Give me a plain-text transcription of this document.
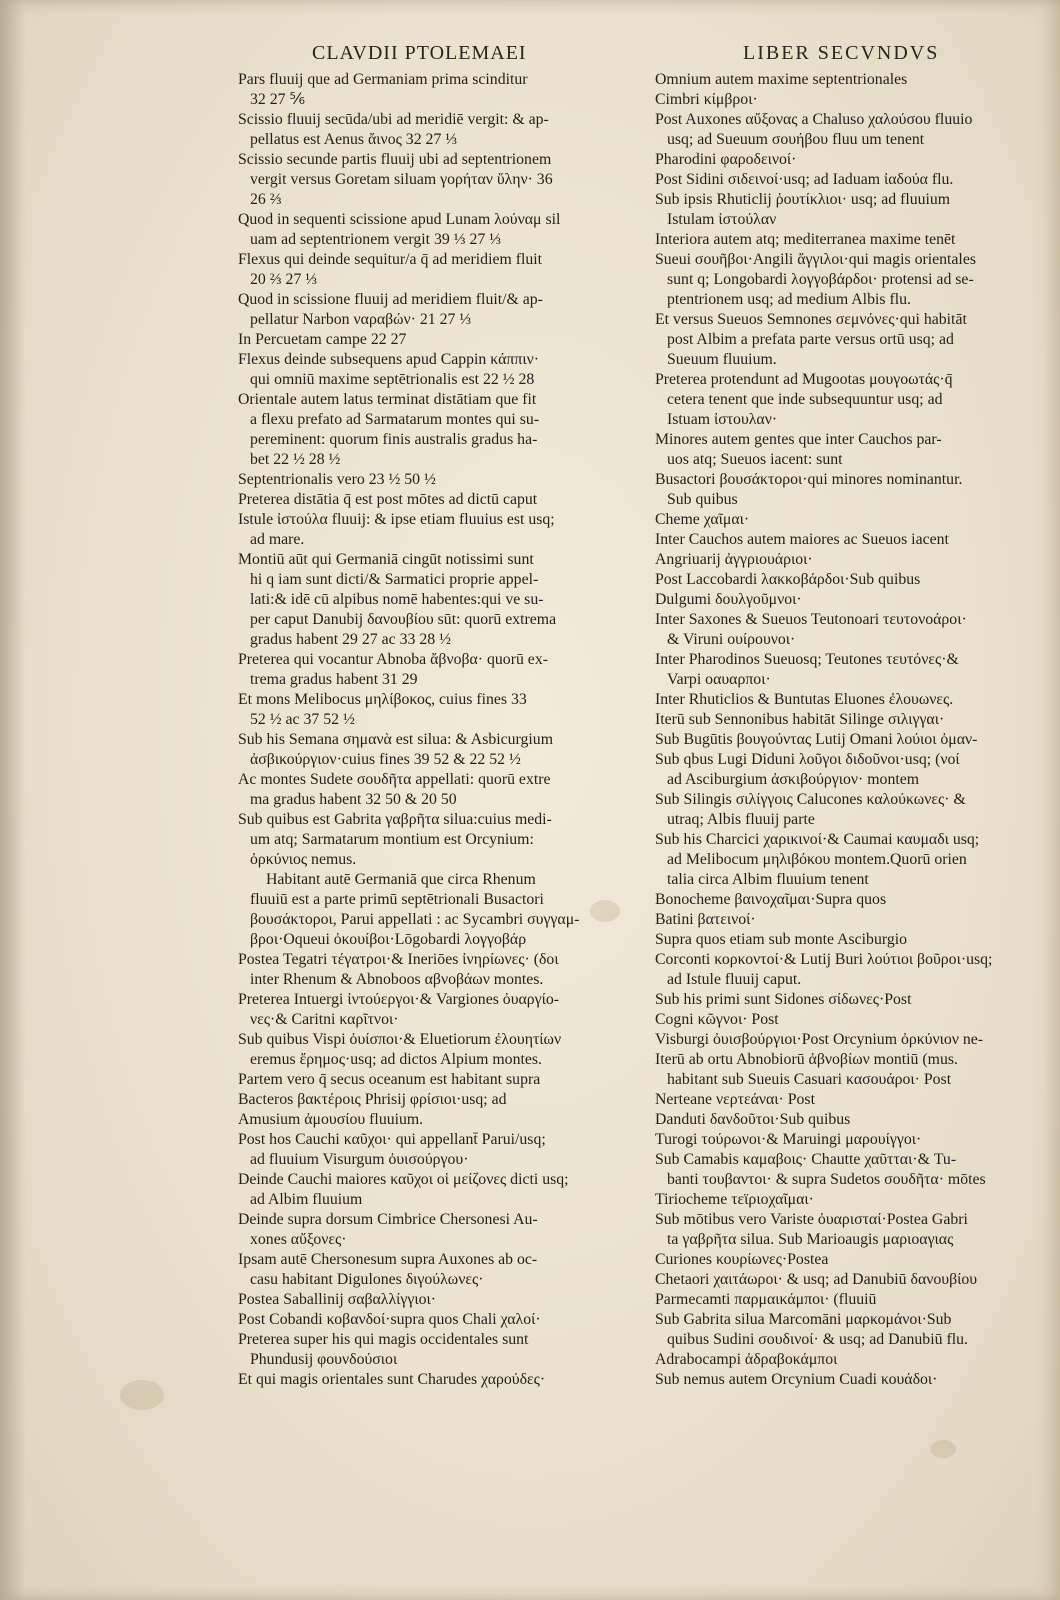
CLAVDII PTOLEMAEI	LIBER SECVNDVS
Pars fluuij que ad Germaniam prima scinditur
32 27 ⅚
Scissio fluuij secūda/ubi ad meridiē vergit: & ap-
pellatus est Aenus ἄινος 32 27 ⅓
Scissio secunde partis fluuij ubi ad septentrionem
vergit versus Goretam siluam γορήταν ὕλην· 36
26 ⅔
Quod in sequenti scissione apud Lunam λούναμ sil
uam ad septentrionem vergit 39 ⅓ 27 ⅓
Flexus qui deinde sequitur/a q̄ ad meridiem fluit
20 ⅔ 27 ⅓
Quod in scissione fluuij ad meridiem fluit/& ap-
pellatur Narbon ναραβών· 21 27 ⅓
In Percuetam campe 22 27
Flexus deinde subsequens apud Cappin κάππιν·
qui omniū maxime septētrionalis est 22 ½ 28
Orientale autem latus terminat distātiam que fit
a flexu prefato ad Sarmatarum montes qui su-
pereminent: quorum finis australis gradus ha-
bet 22 ½ 28 ½
Septentrionalis vero 23 ½ 50 ½
Preterea distātia q̄ est post mōtes ad dictū caput
Istule ἰστούλα fluuij: & ipse etiam fluuius est usq;
ad mare.
Montiū aūt qui Germaniā cingūt notissimi sunt
hi q iam sunt dicti/& Sarmatici proprie appel-
lati:& idē cū alpibus nomē habentes:qui ve su-
per caput Danubij δανουβίου sūt: quorū extrema
gradus habent 29 27 ac 33 28 ½
Preterea qui vocantur Abnoba ἄβνοβα· quorū ex-
trema gradus habent 31 29
Et mons Melibocus μηλίβοκος, cuius fines 33
52 ½ ac 37 52 ½
Sub his Semana σημανὰ est silua: & Asbicurgium
ἀσβικούργιον·cuius fines 39 52 & 22 52 ½
Ac montes Sudete σουδῆτα appellati: quorū extre
ma gradus habent 32 50 & 20 50
Sub quibus est Gabrita γαβρῆτα silua:cuius medi-
um atq; Sarmatarum montium est Orcynium:
ὀρκύνιος nemus.
Habitant autē Germaniā que circa Rhenum
fluuiū est a parte primū septētrionali Busactori
βουσάκτοροι, Parui appellati : ac Sycambri συγγαμ-
βροι·Oqueui ὀκουίβοι·Lōgobardi λογγοβάρ
Postea Tegatri τέγατροι·& Ineriōes ἰνηρίωνες· (δοι
inter Rhenum & Abnoboos αβνοβάων montes.
Preterea Intuergi ἰντούεργοι·& Vargiones ὀυαργίο-
νες·& Caritni καρῖτνοι·
Sub quibus Vispi ὀυίσποι·& Eluetiorum ἐλουητίων
eremus ἔρημος·usq; ad dictos Alpium montes.
Partem vero q̄ secus oceanum est habitant supra
Bacteros βακτέροις Phrisij φρίσιοι·usq; ad
Amusium ἀμουσίου fluuium.
Post hos Cauchi καῦχοι· qui appellant̄ Parui/usq;
ad fluuium Visurgum ὀυισούργου·
Deinde Cauchi maiores καῦχοι οἱ μείζονες dicti usq;
ad Albim fluuium
Deinde supra dorsum Cimbrice Chersonesi Au-
xones αὔξονες·
Ipsam autē Chersonesum supra Auxones ab oc-
casu habitant Digulones διγούλωνες·
Postea Saballinij σαβαλλίγγιοι·
Post Cobandi κοβανδοί·supra quos Chali χαλοί·
Preterea super his qui magis occidentales sunt
Phundusij φουνδούσιοι
Et qui magis orientales sunt Charudes χαρούδες·
Omnium autem maxime septentrionales
Cimbri κίμβροι·
Post Auxones αὔξονας a Chaluso χαλούσου fluuio
usq; ad Sueuum σουήβου fluu um tenent
Pharodini φαροδεινοί·
Post Sidini σιδεινοί·usq; ad Iaduam ἰαδούα flu.
Sub ipsis Rhuticlij ῥουτίκλιοι· usq; ad fluuium
Istulam ἰστούλαν
Interiora autem atq; mediterranea maxime tenēt
Sueui σουῆβοι·Angili ἄγγιλοι·qui magis orientales
sunt q; Longobardi λογγοβάρδοι· protensi ad se-
ptentrionem usq; ad medium Albis flu.
Et versus Sueuos Semnones σεμνόνες·qui habitāt
post Albim a prefata parte versus ortū usq; ad
Sueuum fluuium.
Preterea protendunt ad Mugootas μουγοωτάς·q̄
cetera tenent que inde subsequuntur usq; ad
Istuam ἰστουλαν·
Minores autem gentes que inter Cauchos par-
uos atq; Sueuos iacent: sunt
Busactori βουσάκτοροι·qui minores nominantur.
Sub quibus
Cheme χαῖμαι·
Inter Cauchos autem maiores ac Sueuos iacent
Angriuarij ἀγγριουάριοι·
Post Laccobardi λακκοβάρδοι·Sub quibus
Dulgumi δουλγοῦμνοι·
Inter Saxones & Sueuos Teutonoari τευτονοάροι·
& Viruni ουίρουνοι·
Inter Pharodinos Sueuosq; Teutones τευτόνες·&
Varpi οαυαρποι·
Inter Rhuticlios & Buntutas Eluones ἐλουωνες.
Iterū sub Sennonibus habitāt Silinge σιλιγγαι·
Sub Bugūtis βουγούντας Lutij Omani λούιοι ὀμαν-
Sub qbus Lugi Diduni λοῦγοι διδοῦνοι·usq; (νοί
ad Asciburgium ἀσκιβούργιον· montem
Sub Silingis σιλίγγοις Calucones καλούκωνες· &
utraq; Albis fluuij parte
Sub his Charcici χαρικινοί·& Caumai καυμαδι usq;
ad Melibocum μηλιβόκου montem.Quorū orien
talia circa Albim fluuium tenent
Bonocheme βαινοχαῖμαι·Supra quos
Batini βατεινοί·
Supra quos etiam sub monte Asciburgio
Corconti κορκοντοί·& Lutij Buri λούτιοι βοῦροι·usq;
ad Istule fluuij caput.
Sub his primi sunt Sidones σίδωνες·Post
Cogni κῶγνοι· Post
Visburgi ὀυισβούργιοι·Post Orcynium ὀρκύνιον ne-
Iterū ab ortu Abnobiorū ἀβνοβίων montiū (mus.
habitant sub Sueuis Casuari κασουάροι· Post
Nerteane νερτεάναι· Post
Danduti δανδοῦτοι·Sub quibus
Turogi τούρωνοι·& Maruingi μαρουίγγοι·
Sub Camabis καμαβοις· Chautte χαῦτται·& Tu-
banti τουβαντοι· & supra Sudetos σουδῆτα· mōtes
Tiriocheme τεϊριοχαῖμαι·
Sub mōtibus vero Variste ὀυαρισταί·Postea Gabri
ta γαβρῆτα silua. Sub Marioaugis μαριοαγιας
Curiones κουρίωνες·Postea
Chetaori χαιτάωροι· & usq; ad Danubiū δανουβίου
Parmecamti παρμαικάμποι· (fluuiū
Sub Gabrita silua Marcomāni μαρκομάνοι·Sub
quibus Sudini σουδινοί· & usq; ad Danubiū flu.
Adrabocampi ἀδραβοκάμποι
Sub nemus autem Orcynium Cuadi κουάδοι·
